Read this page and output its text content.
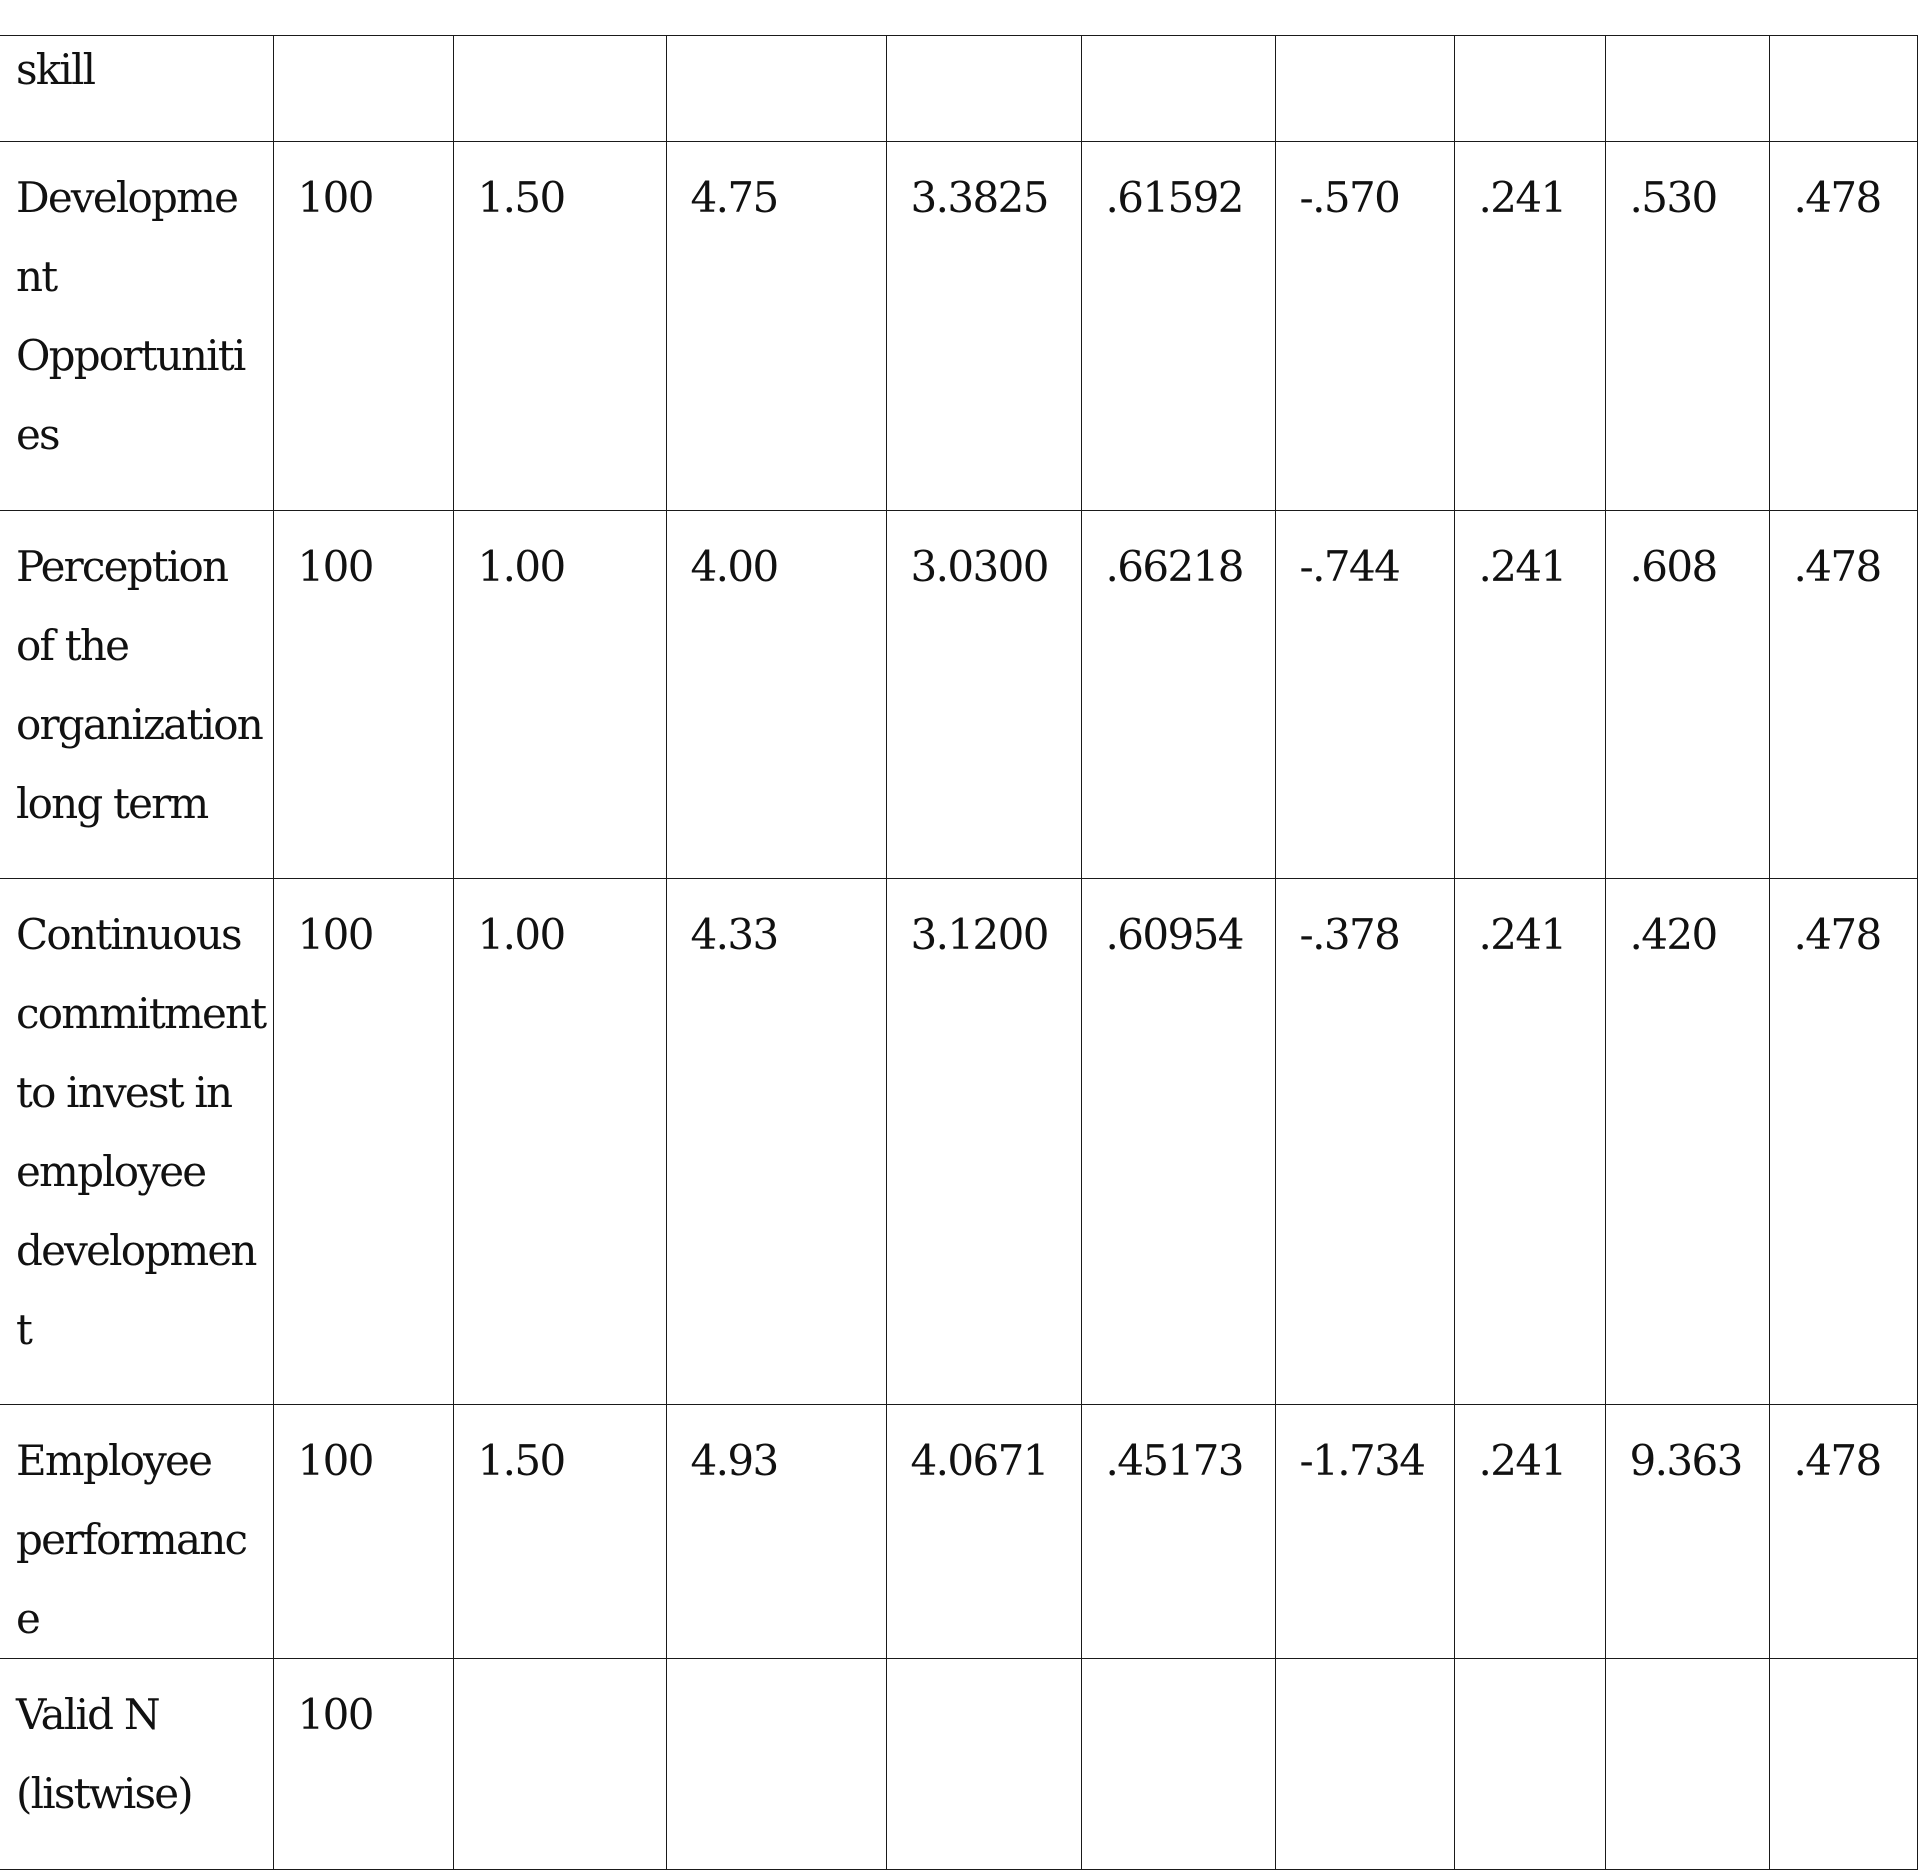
skill									
Developme nt Opportuniti es	100	1.50	4.75	3.3825	.61592	-.570	.241	.530	.478
Perception of the organization long term	100	1.00	4.00	3.0300	.66218	-.744	.241	.608	.478
Continuous commitment to invest in employee developmen t	100	1.00	4.33	3.1200	.60954	-.378	.241	.420	.478
Employee performance	100	1.50	4.93	4.0671	.45173	-1.734	.241	9.363	.478
Valid N (listwise)	100								
